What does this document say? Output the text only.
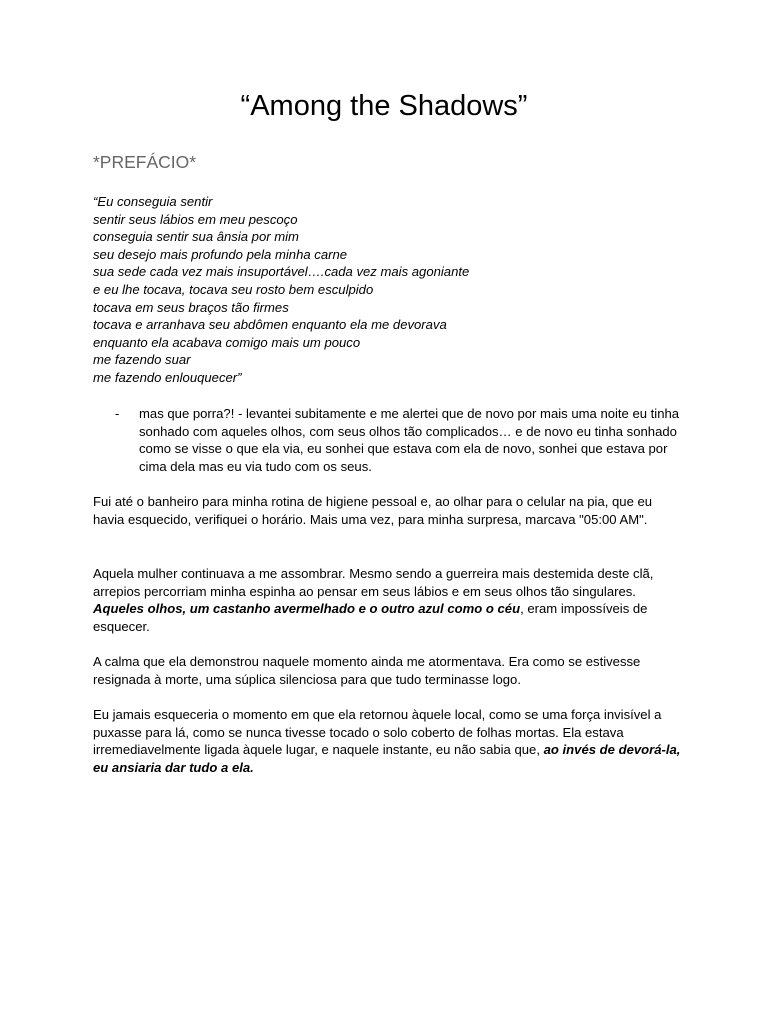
“Among the Shadows”
*PREFÁCIO*
“Eu conseguia sentir
sentir seus lábios em meu pescoço
conseguia sentir sua ânsia por mim
seu desejo mais profundo pela minha carne
sua sede cada vez mais insuportável….cada vez mais agoniante
e eu lhe tocava, tocava seu rosto bem esculpido
tocava em seus braços tão firmes
tocava e arranhava seu abdômen enquanto ela me devorava
enquanto ela acabava comigo mais um pouco
me fazendo suar
me fazendo enlouquecer”
- mas que porra?! - levantei subitamente e me alertei que de novo por mais uma noite eu tinha sonhado com aqueles olhos, com seus olhos tão complicados… e de novo eu tinha sonhado como se visse o que ela via, eu sonhei que estava com ela de novo, sonhei que estava por cima dela mas eu via tudo com os seus.

Fui até o banheiro para minha rotina de higiene pessoal e, ao olhar para o celular na pia, que eu havia esquecido, verifiquei o horário. Mais uma vez, para minha surpresa, marcava "05:00 AM".

Aquela mulher continuava a me assombrar. Mesmo sendo a guerreira mais destemida deste clã, arrepios percorriam minha espinha ao pensar em seus lábios e em seus olhos tão singulares. Aqueles olhos, um castanho avermelhado e o outro azul como o céu, eram impossíveis de esquecer.

A calma que ela demonstrou naquele momento ainda me atormentava. Era como se estivesse resignada à morte, uma súplica silenciosa para que tudo terminasse logo.

Eu jamais esqueceria o momento em que ela retornou àquele local, como se uma força invisível a puxasse para lá, como se nunca tivesse tocado o solo coberto de folhas mortas. Ela estava irremediavelmente ligada àquele lugar, e naquele instante, eu não sabia que, ao invés de devorá-la, eu ansiaria dar tudo a ela.
